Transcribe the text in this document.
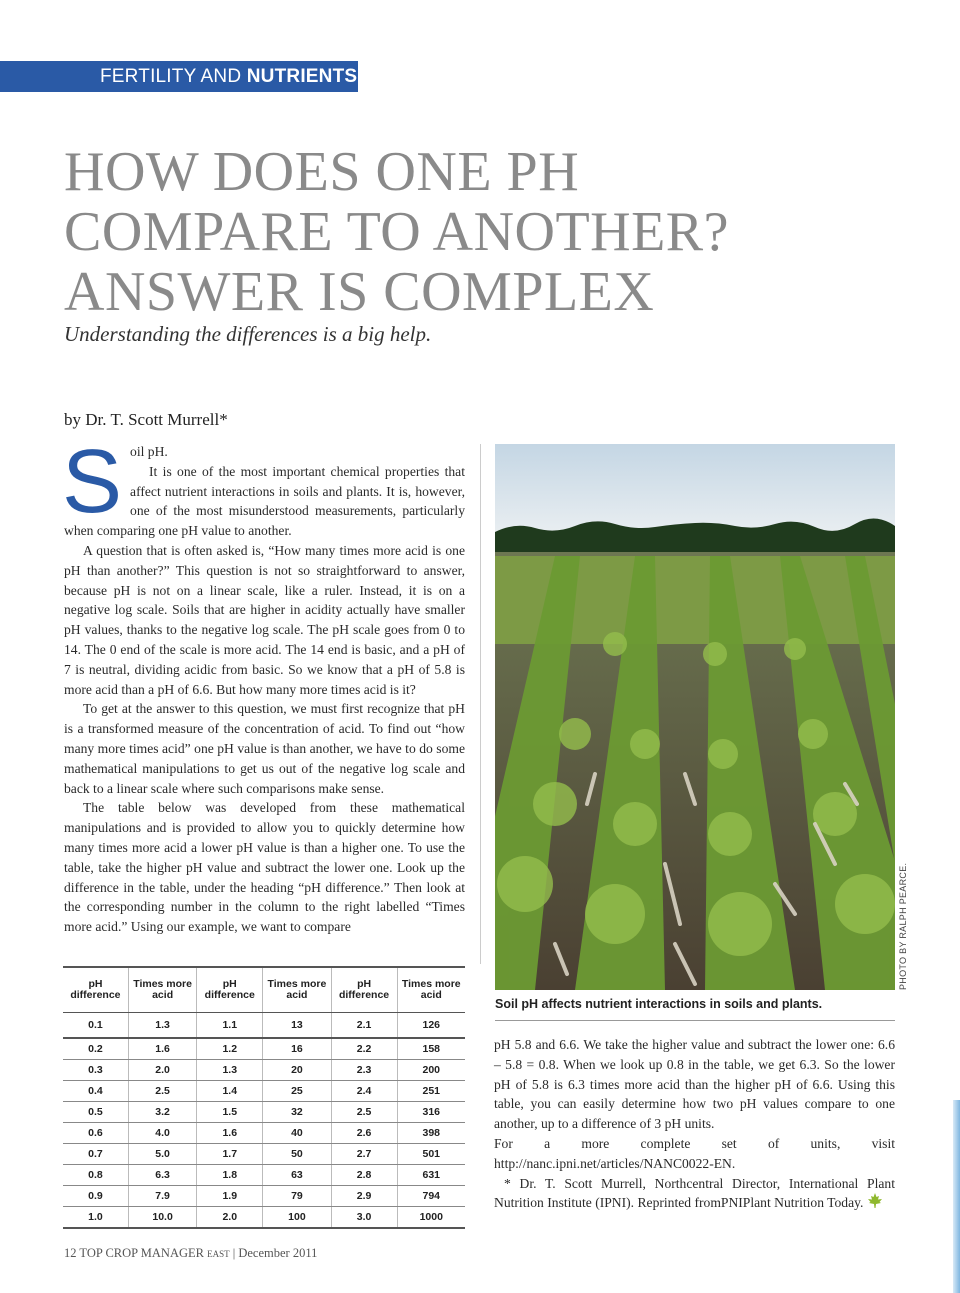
FERTILITY AND NUTRIENTS
HOW DOES ONE PH
COMPARE TO ANOTHER?
ANSWER IS COMPLEX
Understanding the differences is a big help.
by Dr. T. Scott Murrell*
S oil pH.

It is one of the most important chemical properties that affect nutrient interactions in soils and plants. It is, however, one of the most misunderstood measurements, particularly when comparing one pH value to another.

A question that is often asked is, “How many times more acid is one pH than another?” This question is not so straightforward to answer, because pH is not on a linear scale, like a ruler. Instead, it is on a negative log scale. Soils that are higher in acidity actually have smaller pH values, thanks to the negative log scale. The pH scale goes from 0 to 14. The 0 end of the scale is more acid. The 14 end is basic, and a pH of 7 is neutral, dividing acidic from basic. So we know that a pH of 5.8 is more acid than a pH of 6.6. But how many more times acid is it?

To get at the answer to this question, we must first recognize that pH is a transformed measure of the concentration of acid. To find out “how many more times acid” one pH value is than another, we have to do some mathematical manipulations to get us out of the negative log scale and back to a linear scale where such comparisons make sense.

The table below was developed from these mathematical manipulations and is provided to allow you to quickly determine how many times more acid a lower pH value is than a higher one. To use the table, take the higher pH value and subtract the lower one. Look up the difference in the table, under the heading “pH difference.” Then look at the corresponding number in the column to the right labelled “Times more acid.” Using our example, we want to compare	PHOTO BY RALPH PEARCE.
Soil pH affects nutrient interactions in soils and plants.
pH difference	Times more acid	pH difference	Times more acid	pH difference	Times more acid
0.1	1.3	1.1	13	2.1	126
0.2	1.6	1.2	16	2.2	158
0.3	2.0	1.3	20	2.3	200
0.4	2.5	1.4	25	2.4	251
0.5	3.2	1.5	32	2.5	316
0.6	4.0	1.6	40	2.6	398
0.7	5.0	1.7	50	2.7	501
0.8	6.3	1.8	63	2.8	631
0.9	7.9	1.9	79	2.9	794
1.0	10.0	2.0	100	3.0	1000

pH 5.8 and 6.6. We take the higher value and subtract the lower one: 6.6 – 5.8 = 0.8. When we look up 0.8 in the table, we get 6.3. So the lower pH of 5.8 is 6.3 times more acid than the higher pH of 6.6. Using this table, you can easily determine how two pH values compare to one another, up to a difference of 3 pH units.

For a more complete set of units, visit http://nanc.ipni.net/articles/NANC0022-EN.

* Dr. T. Scott Murrell, Northcentral Director, International Plant Nutrition Institute (IPNI). Reprinted fromPNIPlant Nutrition Today.

12 TOP CROP MANAGER EAST | December 2011
